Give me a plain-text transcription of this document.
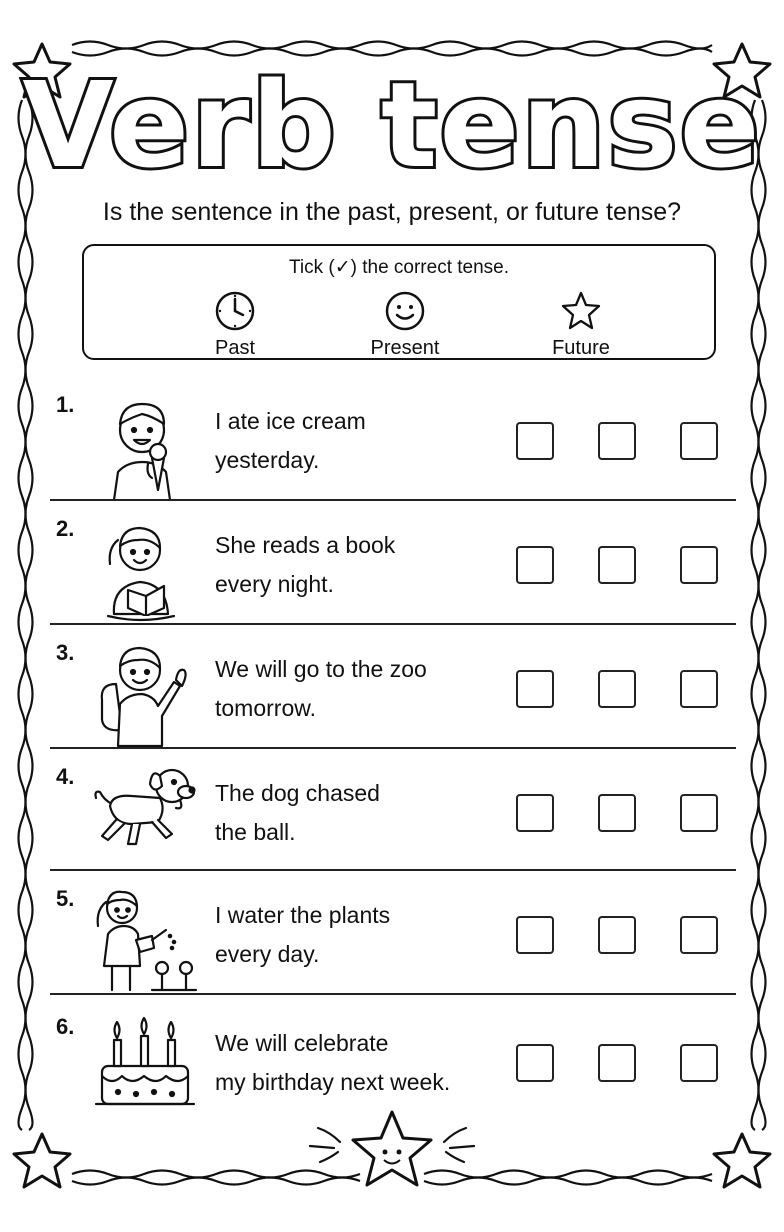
Verb tense
Is the sentence in the past, present, or future tense?
Tick (✓) the correct tense.
Past	Present	Future
1.
I ate ice cream
yesterday.
2.
She reads a book
every night.
3.
We will go to the zoo
tomorrow.
4.
The dog chased
the ball.
5.
I water the plants
every day.
6.
We will celebrate
my birthday next week.
